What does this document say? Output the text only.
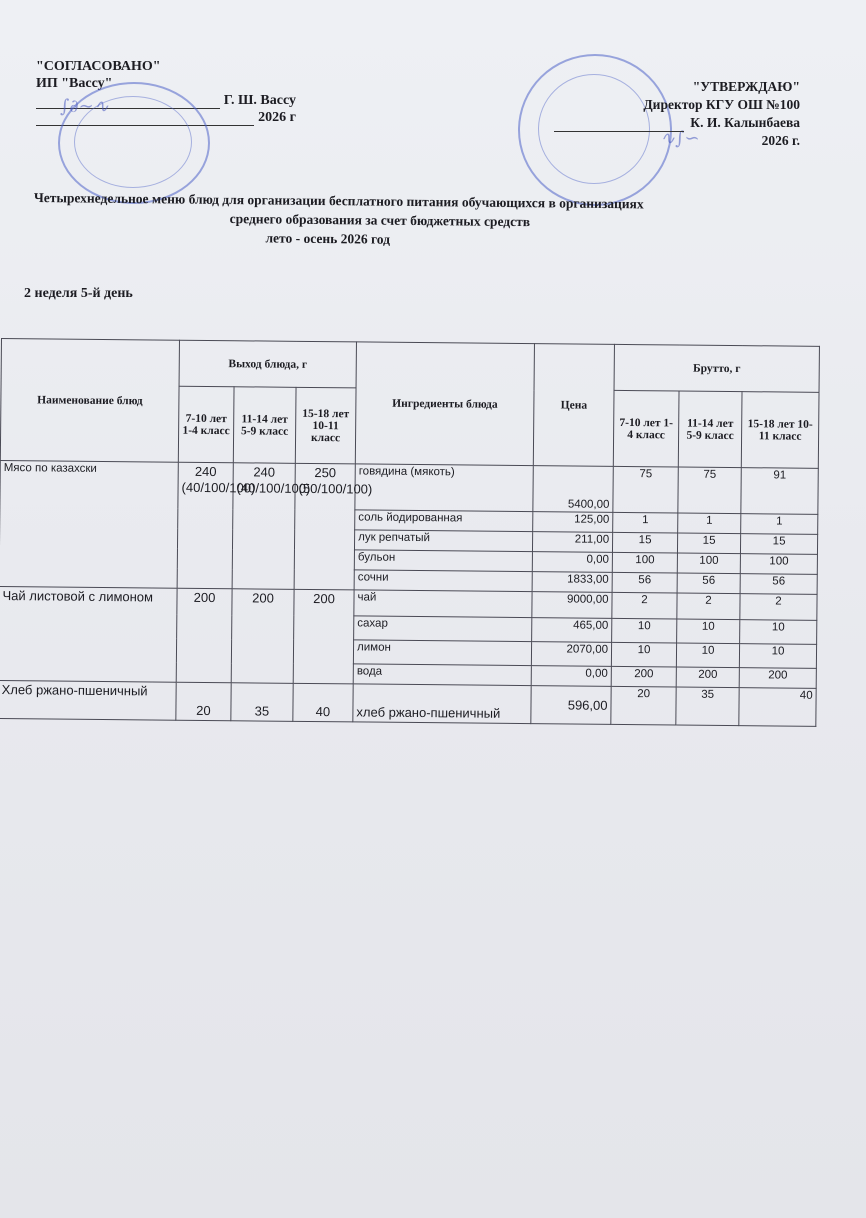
"СОГЛАСОВАНО"
ИП "Вассу"
Г. Ш. Вассу
2026 г
∫∂∼∿
∿∫∽
"УТВЕРЖДАЮ"
Директор КГУ ОШ №100
К. И. Калынбаева
2026 г.
Четырехнедельное меню блюд для организации бесплатного питания обучающихся в организациях
среднего образования за счет бюджетных средств
лето - осень 2026 год
2 неделя 5-й день
Наименование блюд	Выход блюда, г			Ингредиенты блюда	Цена	Брутто, г		
	7-10 лет 1-4 класс	11-14 лет 5-9 класс	15-18 лет 10-11 класс			7-10 лет 1-4 класс	11-14 лет 5-9 класс	15-18 лет 10-11 класс
Мясо по казахски	240 (40/100/100)	240 (40/100/100)	250 (50/100/100)	говядина (мякоть)	5400,00	75	75	91
				соль йодированная	125,00	1	1	1
				лук репчатый	211,00	15	15	15
				бульон	0,00	100	100	100
				сочни	1833,00	56	56	56
Чай листовой с лимоном	200	200	200	чай	9000,00	2	2	2
				сахар	465,00	10	10	10
				лимон	2070,00	10	10	10
				вода	0,00	200	200	200
Хлеб ржано-пшеничный	20	35	40	хлеб ржано-пшеничный	596,00	20	35	40
